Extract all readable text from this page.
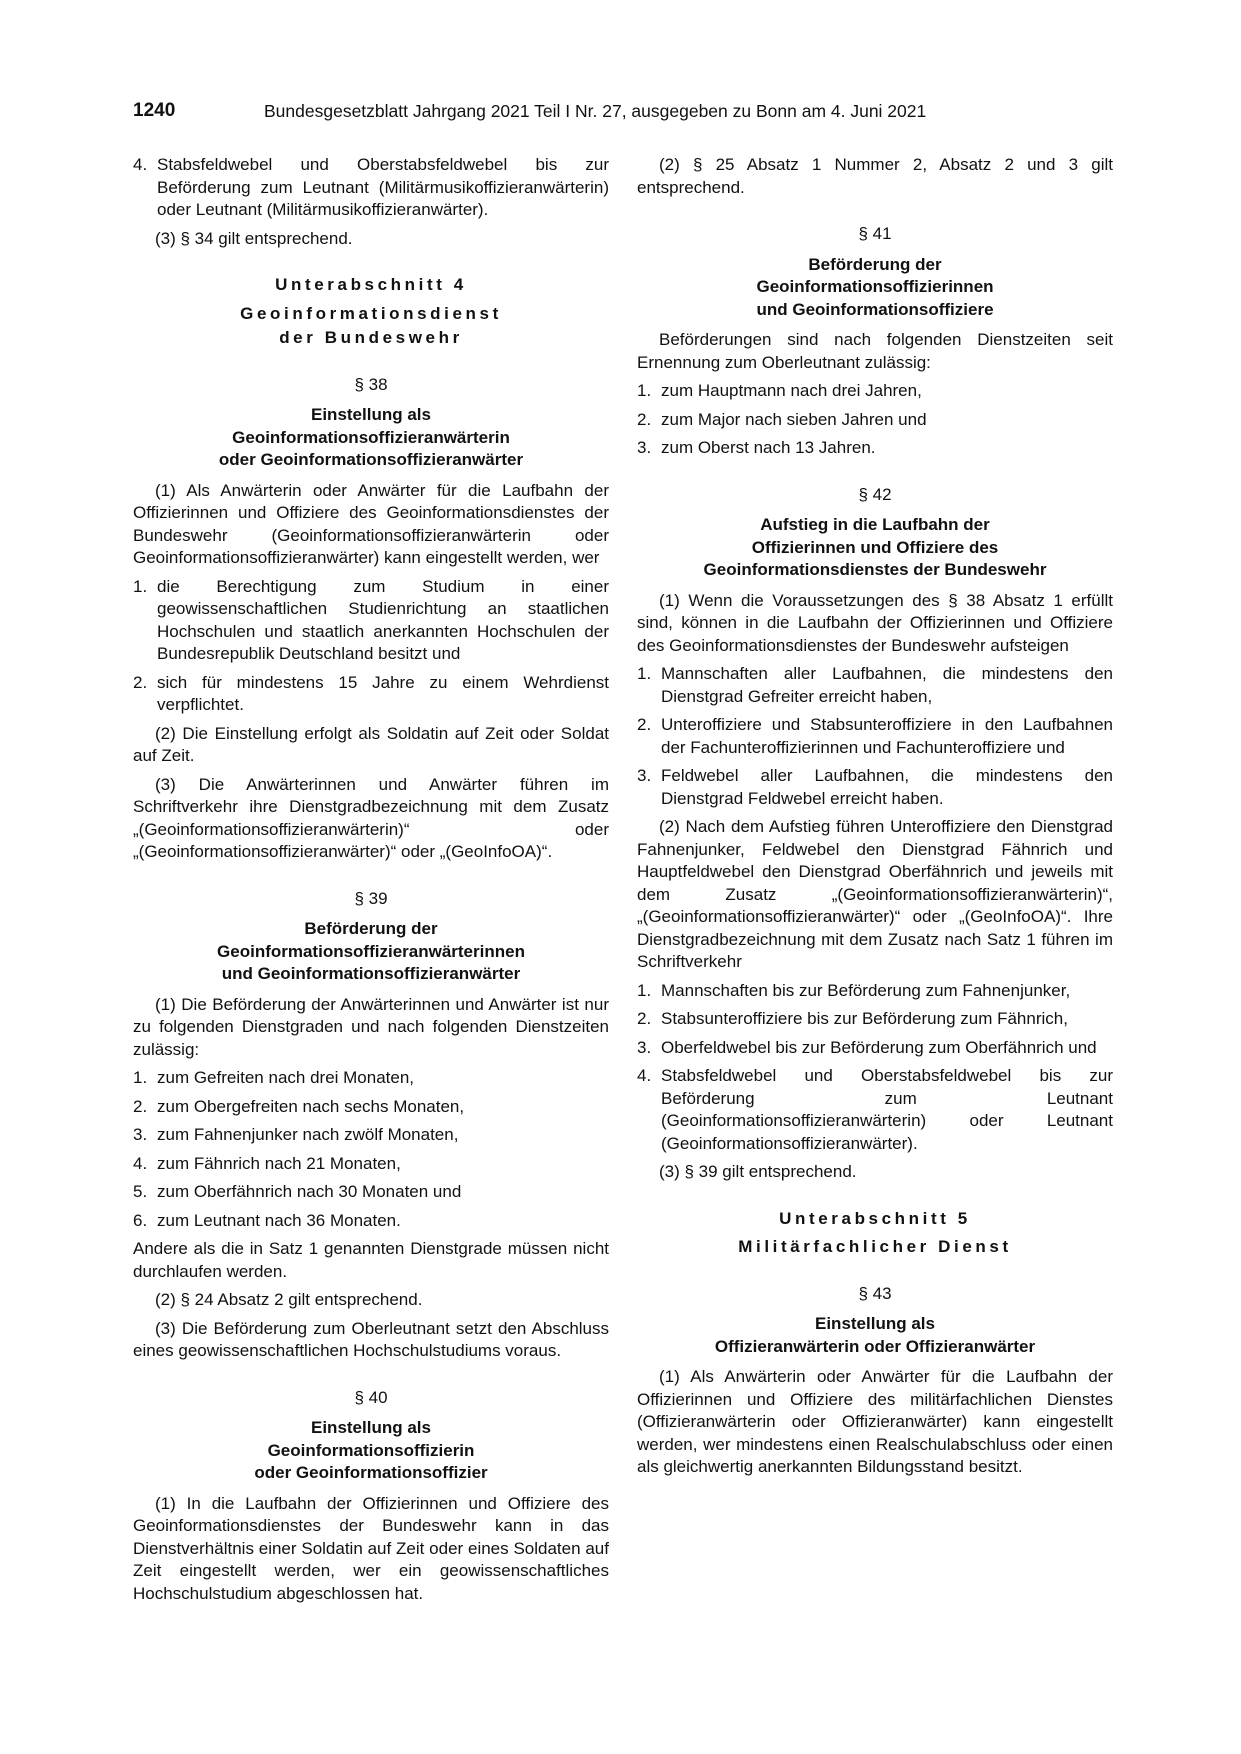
1240	Bundesgesetzblatt Jahrgang 2021 Teil I Nr. 27, ausgegeben zu Bonn am 4. Juni 2021
4. Stabsfeldwebel und Oberstabsfeldwebel bis zur Beförderung zum Leutnant (Militärmusikoffizieranwärterin) oder Leutnant (Militärmusikoffizieranwärter).

(3) § 34 gilt entsprechend.

Unterabschnitt 4
Geoinformationsdienst
der Bundeswehr
§ 38
Einstellung als
Geoinformationsoffizieranwärterin
oder Geoinformationsoffizieranwärter

(1) Als Anwärterin oder Anwärter für die Laufbahn der Offizierinnen und Offiziere des Geoinformationsdienstes der Bundeswehr (Geoinformationsoffizieranwärterin oder Geoinformationsoffizieranwärter) kann eingestellt werden, wer

1. die Berechtigung zum Studium in einer geowissenschaftlichen Studienrichtung an staatlichen Hochschulen und staatlich anerkannten Hochschulen der Bundesrepublik Deutschland besitzt und
2. sich für mindestens 15 Jahre zu einem Wehrdienst verpflichtet.

(2) Die Einstellung erfolgt als Soldatin auf Zeit oder Soldat auf Zeit.

(3) Die Anwärterinnen und Anwärter führen im Schriftverkehr ihre Dienstgradbezeichnung mit dem Zusatz „(Geoinformationsoffizieranwärterin)“ oder „(Geoinformationsoffizieranwärter)“ oder „(GeoInfoOA)“.

§ 39
Beförderung der
Geoinformationsoffizieranwärterinnen
und Geoinformationsoffizieranwärter

(1) Die Beförderung der Anwärterinnen und Anwärter ist nur zu folgenden Dienstgraden und nach folgenden Dienstzeiten zulässig:

1. zum Gefreiten nach drei Monaten,
2. zum Obergefreiten nach sechs Monaten,
3. zum Fahnenjunker nach zwölf Monaten,
4. zum Fähnrich nach 21 Monaten,
5. zum Oberfähnrich nach 30 Monaten und
6. zum Leutnant nach 36 Monaten.

Andere als die in Satz 1 genannten Dienstgrade müssen nicht durchlaufen werden.

(2) § 24 Absatz 2 gilt entsprechend.

(3) Die Beförderung zum Oberleutnant setzt den Abschluss eines geowissenschaftlichen Hochschulstudiums voraus.

§ 40
Einstellung als
Geoinformationsoffizierin
oder Geoinformationsoffizier

(1) In die Laufbahn der Offizierinnen und Offiziere des Geoinformationsdienstes der Bundeswehr kann in das Dienstverhältnis einer Soldatin auf Zeit oder eines Soldaten auf Zeit eingestellt werden, wer ein geowissenschaftliches Hochschulstudium abgeschlossen hat.

(2) § 25 Absatz 1 Nummer 2, Absatz 2 und 3 gilt entsprechend.

§ 41
Beförderung der
Geoinformationsoffizierinnen
und Geoinformationsoffiziere

Beförderungen sind nach folgenden Dienstzeiten seit Ernennung zum Oberleutnant zulässig:

1. zum Hauptmann nach drei Jahren,
2. zum Major nach sieben Jahren und
3. zum Oberst nach 13 Jahren.
§ 42
Aufstieg in die Laufbahn der
Offizierinnen und Offiziere des
Geoinformationsdienstes der Bundeswehr

(1) Wenn die Voraussetzungen des § 38 Absatz 1 erfüllt sind, können in die Laufbahn der Offizierinnen und Offiziere des Geoinformationsdienstes der Bundeswehr aufsteigen

1. Mannschaften aller Laufbahnen, die mindestens den Dienstgrad Gefreiter erreicht haben,
2. Unteroffiziere und Stabsunteroffiziere in den Laufbahnen der Fachunteroffizierinnen und Fachunteroffiziere und
3. Feldwebel aller Laufbahnen, die mindestens den Dienstgrad Feldwebel erreicht haben.

(2) Nach dem Aufstieg führen Unteroffiziere den Dienstgrad Fahnenjunker, Feldwebel den Dienstgrad Fähnrich und Hauptfeldwebel den Dienstgrad Oberfähnrich und jeweils mit dem Zusatz „(Geoinformationsoffizieranwärterin)“, „(Geoinformationsoffizieranwärter)“ oder „(GeoInfoOA)“. Ihre Dienstgradbezeichnung mit dem Zusatz nach Satz 1 führen im Schriftverkehr

1. Mannschaften bis zur Beförderung zum Fahnenjunker,
2. Stabsunteroffiziere bis zur Beförderung zum Fähnrich,
3. Oberfeldwebel bis zur Beförderung zum Oberfähnrich und
4. Stabsfeldwebel und Oberstabsfeldwebel bis zur Beförderung zum Leutnant (Geoinformationsoffizieranwärterin) oder Leutnant (Geoinformationsoffizieranwärter).

(3) § 39 gilt entsprechend.

Unterabschnitt 5
Militärfachlicher Dienst
§ 43
Einstellung als
Offizieranwärterin oder Offizieranwärter

(1) Als Anwärterin oder Anwärter für die Laufbahn der Offizierinnen und Offiziere des militärfachlichen Dienstes (Offizieranwärterin oder Offizieranwärter) kann eingestellt werden, wer mindestens einen Realschulabschluss oder einen als gleichwertig anerkannten Bildungsstand besitzt.
